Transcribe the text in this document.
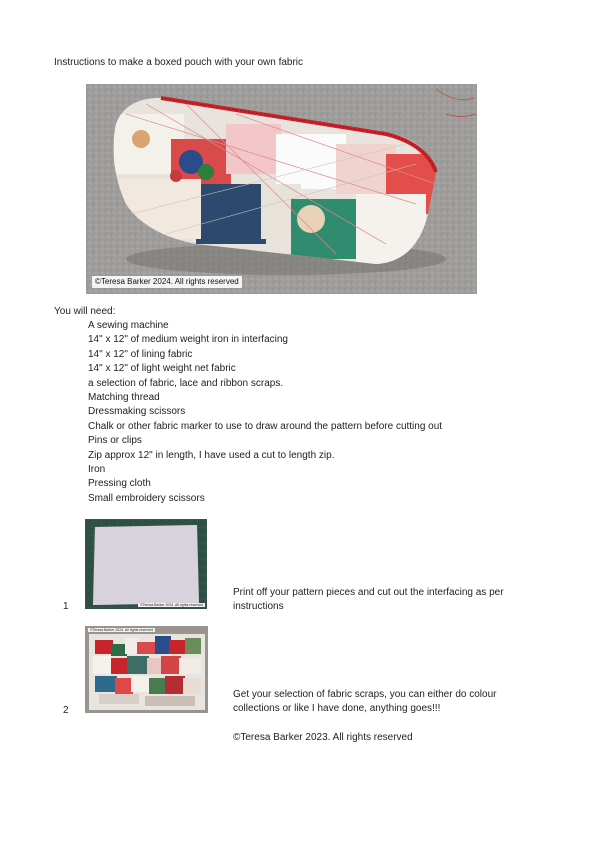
Instructions to make a boxed pouch with your own fabric
©Teresa Barker 2024. All rights reserved
You will need:
A sewing machine
14" x 12" of medium weight iron in interfacing
14" x 12" of lining fabric
14" x 12" of light weight net fabric
a selection of fabric, lace and ribbon scraps.
Matching thread
Dressmaking scissors
Chalk or other fabric marker to use to draw around the pattern before cutting out
Pins or clips
Zip approx 12" in length, I have used a cut to length zip.
Iron
Pressing cloth
Small embroidery scissors
1	©Teresa Barker 2024. All rights reserved
Print off your pattern pieces and cut out the interfacing as per
instructions
2
©Teresa Barker 2024. All rights reserved
Get your selection of fabric scraps, you can either do colour
collections or like I have done, anything goes!!!
©Teresa Barker 2023. All rights reserved
